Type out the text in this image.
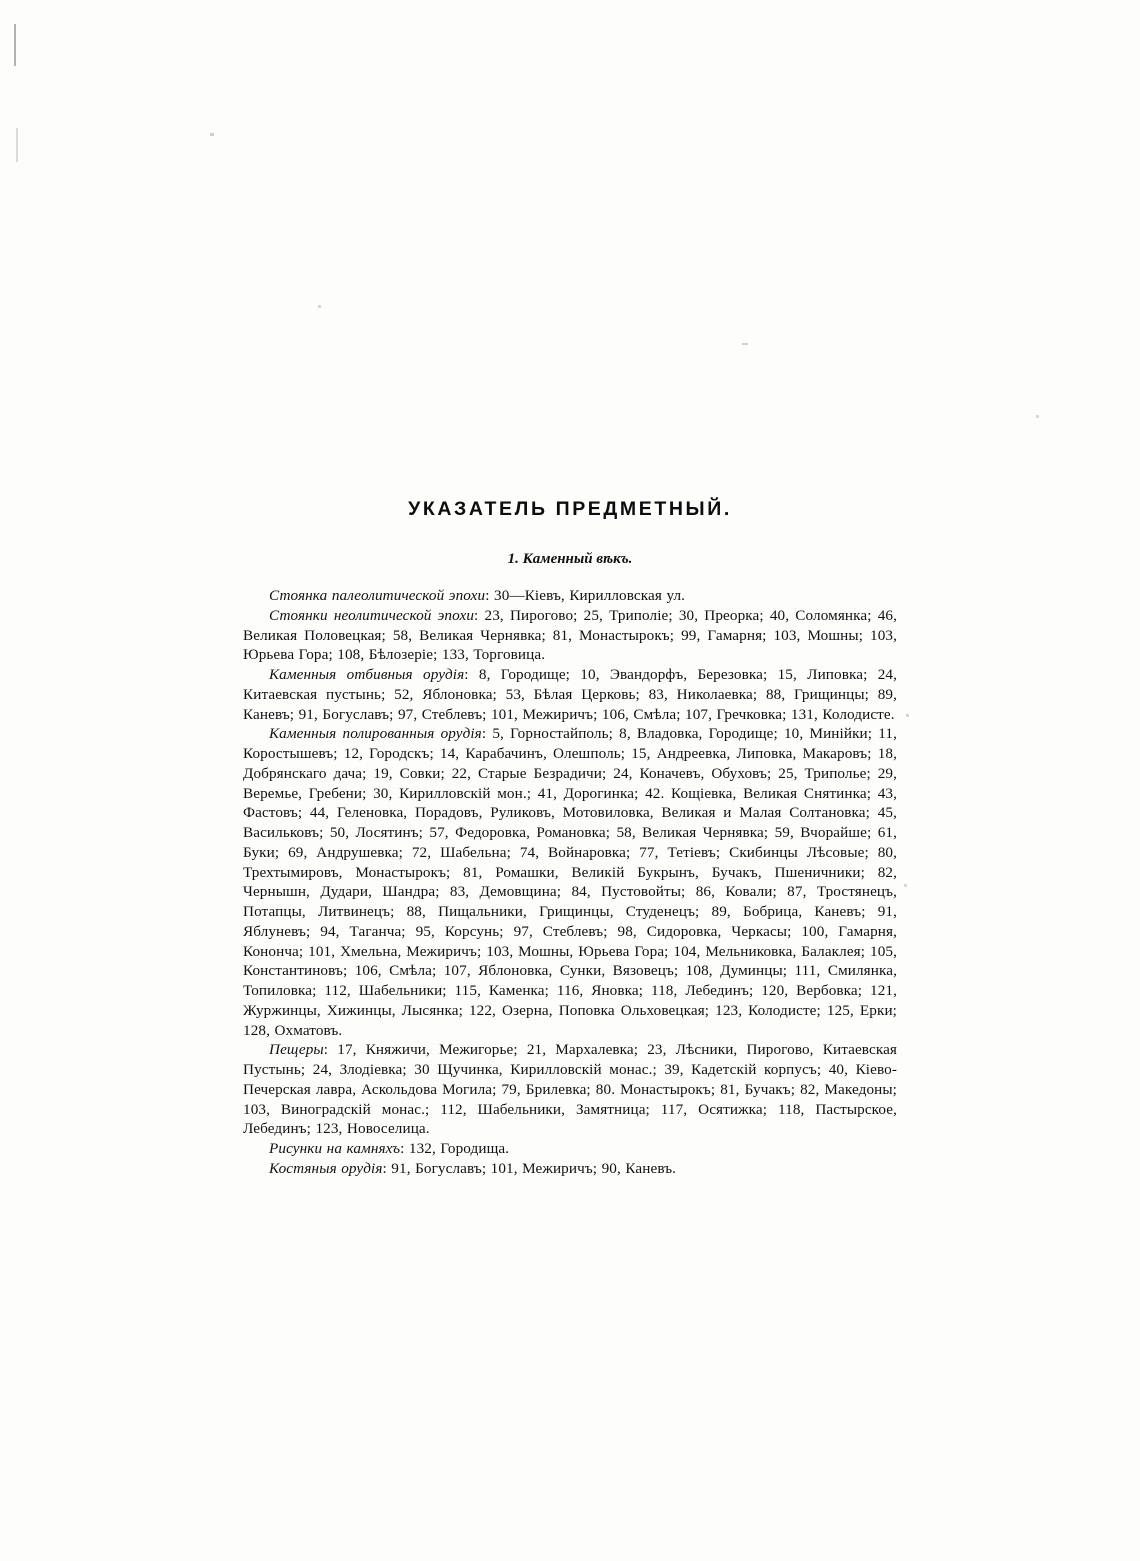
УКАЗАТЕЛЬ ПРЕДМЕТНЫЙ.
1. Каменный вѣкъ.

Стоянка палеолитической эпохи: 30—Кіевъ, Кирилловская ул.

Стоянки неолитической эпохи: 23, Пирогово; 25, Триполіе; 30, Преорка; 40, Соломянка; 46, Великая Половецкая; 58, Великая Чернявка; 81, Монастырокъ; 99, Гамарня; 103, Мошны; 103, Юрьева Гора; 108, Бѣлозеріе; 133, Торговица.

Каменныя отбивныя орудія: 8, Городище; 10, Эвандорфъ, Березовка; 15, Липовка; 24, Китаевская пустынь; 52, Яблоновка; 53, Бѣлая Церковь; 83, Николаевка; 88, Грищинцы; 89, Каневъ; 91, Богуславъ; 97, Стеблевъ; 101, Межиричъ; 106, Смѣла; 107, Гречковка; 131, Колодисте.

Каменныя полированныя орудія: 5, Горностайполь; 8, Владовка, Городище; 10, Минійки; 11, Коростышевъ; 12, Городскъ; 14, Карабачинъ, Олешполь; 15, Андреевка, Липовка, Макаровъ; 18, Добрянскаго дача; 19, Совки; 22, Старые Безрадичи; 24, Коначевъ, Обуховъ; 25, Триполье; 29, Веремье, Гребени; 30, Кирилловскій мон.; 41, Дорогинка; 42. Кощіевка, Великая Снятинка; 43, Фастовъ; 44, Геленовка, Порадовъ, Руликовъ, Мотовиловка, Великая и Малая Солтановка; 45, Васильковъ; 50, Лосятинъ; 57, Федоровка, Романовка; 58, Великая Чернявка; 59, Вчорайше; 61, Буки; 69, Андрушевка; 72, Шабельна; 74, Войнаровка; 77, Тетіевъ; Скибинцы Лѣсовые; 80, Трехтымировъ, Монастырокъ; 81, Ромашки, Великій Букрынъ, Бучакъ, Пшеничники; 82, Чернышн, Дудари, Шандра; 83, Демовщина; 84, Пустовойты; 86, Ковали; 87, Тростянецъ, Потапцы, Литвинецъ; 88, Пищальники, Грищинцы, Студенецъ; 89, Бобрица, Каневъ; 91, Яблуневъ; 94, Таганча; 95, Корсунь; 97, Стеблевъ; 98, Сидоровка, Черкасы; 100, Гамарня, Кононча; 101, Хмельна, Межиричъ; 103, Мошны, Юрьева Гора; 104, Мельниковка, Балаклея; 105, Константиновъ; 106, Смѣла; 107, Яблоновка, Сунки, Вязовецъ; 108, Думинцы; 111, Смилянка, Топиловка; 112, Шабельники; 115, Каменка; 116, Яновка; 118, Лебединъ; 120, Вербовка; 121, Журжинцы, Хижинцы, Лысянка; 122, Озерна, Поповка Ольховецкая; 123, Колодисте; 125, Ерки; 128, Охматовъ.

Пещеры: 17, Княжичи, Межигорье; 21, Мархалевка; 23, Лѣсники, Пирогово, Китаевская Пустынь; 24, Злодіевка; 30 Щучинка, Кирилловскій монас.; 39, Кадетскій корпусъ; 40, Кіево-Печерская лавра, Аскольдова Могила; 79, Брилевка; 80. Монастырокъ; 81, Бучакъ; 82, Македоны; 103, Виноградскій монас.; 112, Шабельники, Замятница; 117, Осятижка; 118, Пастырское, Лебединъ; 123, Новоселица.

Рисунки на камняхъ: 132, Городища.

Костяныя орудія: 91, Богуславъ; 101, Межиричъ; 90, Каневъ.
